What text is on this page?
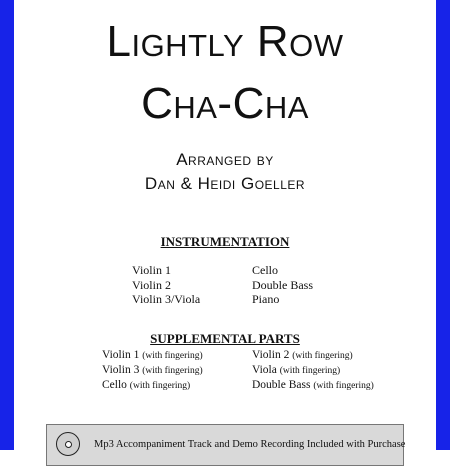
Lightly Row
Cha-Cha
Arranged by
Dan & Heidi Goeller
INSTRUMENTATION
Violin 1	Cello
Violin 2	Double Bass
Violin 3/Viola	Piano
SUPPLEMENTAL PARTS
Violin 1 (with fingering)	Violin 2 (with fingering)
Violin 3 (with fingering)	Viola (with fingering)
Cello (with fingering)	Double Bass (with fingering)
Mp3 Accompaniment Track and Demo Recording Included with Purchase
